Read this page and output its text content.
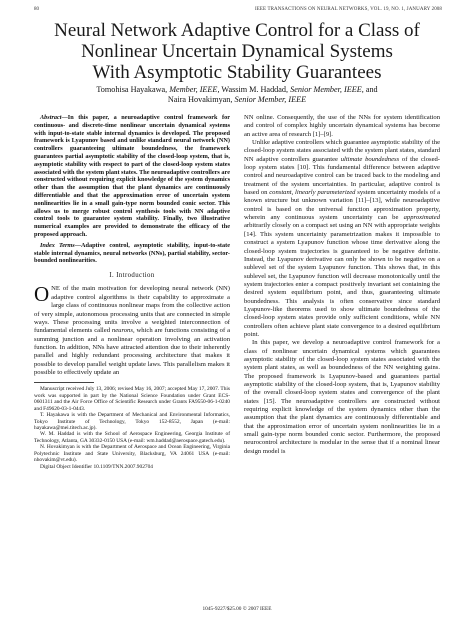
80	IEEE TRANSACTIONS ON NEURAL NETWORKS, VOL. 19, NO. 1, JANUARY 2008
Neural Network Adaptive Control for a Class of
Nonlinear Uncertain Dynamical Systems
With Asymptotic Stability Guarantees
Tomohisa Hayakawa, Member, IEEE, Wassim M. Haddad, Senior Member, IEEE, and
Naira Hovakimyan, Senior Member, IEEE

Abstract—In this paper, a neuroadaptive control framework for continuous- and discrete-time nonlinear uncertain dynamical systems with input-to-state stable internal dynamics is developed. The proposed framework is Lyapunov based and unlike standard neural network (NN) controllers guaranteeing ultimate boundedness, the framework guarantees partial asymptotic stability of the closed-loop system, that is, asymptotic stability with respect to part of the closed-loop system states associated with the system plant states. The neuroadaptive controllers are constructed without requiring explicit knowledge of the system dynamics other than the assumption that the plant dynamics are continuously differentiable and that the approximation error of uncertain system nonlinearities lie in a small gain-type norm bounded conic sector. This allows us to merge robust control synthesis tools with NN adaptive control tools to guarantee system stability. Finally, two illustrative numerical examples are provided to demonstrate the efficacy of the proposed approach.

Index Terms—Adaptive control, asymptotic stability, input-to-state stable internal dynamics, neural networks (NNs), partial stability, sector-bounded nonlinearities.

I. Introduction

ONE of the main motivation for developing neural network (NN) adaptive control algorithms is their capability to approximate a large class of continuous nonlinear maps from the collective action of very simple, autonomous processing units that are connected in simple ways. These processing units involve a weighted interconnection of fundamental elements called neurons, which are functions consisting of a summing junction and a nonlinear operation involving an activation function. In addition, NNs have attracted attention due to their inherently parallel and highly redundant processing architecture that makes it possible to develop parallel weight update laws. This parallelism makes it possible to effectively update an

Manuscript received July 13, 2006; revised May 16, 2007; accepted May 17, 2007. This work was supported in part by the National Science Foundation under Grant ECS-0601311 and the Air Force Office of Scientific Research under Grants FA9550-06-1-0240 and F49620-03-1-0443.

T. Hayakawa is with the Department of Mechanical and Environmental Informatics, Tokyo Institute of Technology, Tokyo 152-8552, Japan (e-mail: hayakawa@mei.titech.ac.jp).

W. M. Haddad is with the School of Aerospace Engineering, Georgia Institute of Technology, Atlanta, GA 30332-0150 USA (e-mail: wm.haddad@aerospace.gatech.edu).

N. Hovakimyan is with the Department of Aerospace and Ocean Engineering, Virginia Polytechnic Institute and State University, Blacksburg, VA 24061 USA (e-mail: nhovakim@vt.edu).

Digital Object Identifier 10.1109/TNN.2007.902704

NN online. Consequently, the use of the NNs for system identification and control of complex highly uncertain dynamical systems has become an active area of research [1]–[9].

Unlike adaptive controllers which guarantee asymptotic stability of the closed-loop system states associated with the system plant states, standard NN adaptive controllers guarantee ultimate boundedness of the closed-loop system states [10]. This fundamental difference between adaptive control and neuroadaptive control can be traced back to the modeling and treatment of the system uncertainties. In particular, adaptive control is based on constant, linearly parameterized system uncertainty models of a known structure but unknown variation [11]–[13], while neuroadaptive control is based on the universal function approximation property, wherein any continuous system uncertainty can be approximated arbitrarily closely on a compact set using an NN with appropriate weights [14]. This system uncertainty parametrization makes it impossible to construct a system Lyapunov function whose time derivative along the closed-loop system trajectories is guaranteed to be negative definite. Instead, the Lyapunov derivative can only be shown to be negative on a sublevel set of the system Lyapunov function. This shows that, in this sublevel set, the Lyapunov function will decrease monotonically until the system trajectories enter a compact positively invariant set containing the desired system equilibrium point, and thus, guaranteeing ultimate boundedness. This analysis is often conservative since standard Lyapunov-like theorems used to show ultimate boundedness of the closed-loop system states provide only sufficient conditions, while NN controllers often achieve plant state convergence to a desired equilibrium point.

In this paper, we develop a neuroadaptive control framework for a class of nonlinear uncertain dynamical systems which guarantees asymptotic stability of the closed-loop system states associated with the system plant states, as well as boundedness of the NN weighting gains. The proposed framework is Lyapunov-based and guarantees partial asymptotic stability of the closed-loop system, that is, Lyapunov stability of the overall closed-loop system states and convergence of the plant states [15]. The neuroadaptive controllers are constructed without requiring explicit knowledge of the system dynamics other than the assumption that the plant dynamics are continuously differentiable and that the approximation error of uncertain system nonlinearities lie in a small gain-type norm bounded conic sector. Furthermore, the proposed neurocontrol architecture is modular in the sense that if a nominal linear design model is

1045-9227/$25.00 © 2007 IEEE
